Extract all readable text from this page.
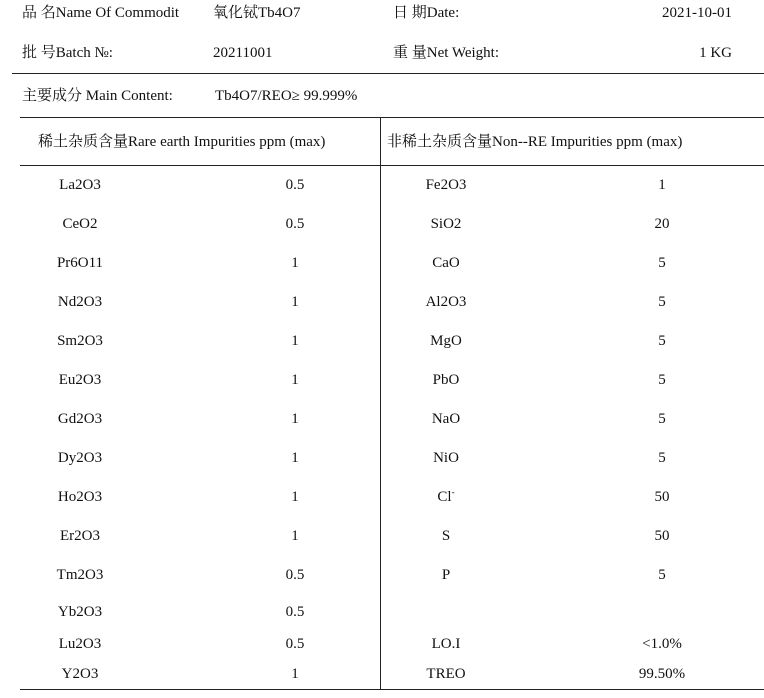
品 名Name Of Commodit 氧化铽Tb4O7	日 期Date:	2021-10-01
批 号Batch №:	20211001	重 量Net Weight:	1 KG
主要成分 Main Content:	Tb4O7/REO≥ 99.999%
稀土杂质含量Rare earth Impurities ppm (max)	非稀土杂质含量Non--RE Impurities ppm (max)
La2O3	0.5	Fe2O3	1
CeO2	0.5	SiO2	20
Pr6O11	1	CaO	5
Nd2O3	1	Al2O3	5
Sm2O3	1	MgO	5
Eu2O3	1	PbO	5
Gd2O3	1	NaO	5
Dy2O3	1	NiO	5
Ho2O3	1	Cl-	50
Er2O3	1	S	50
Tm2O3	0.5	P	5
Yb2O3	0.5
Lu2O3	0.5	LO.I	<1.0%
Y2O3	1	TREO	99.50%
